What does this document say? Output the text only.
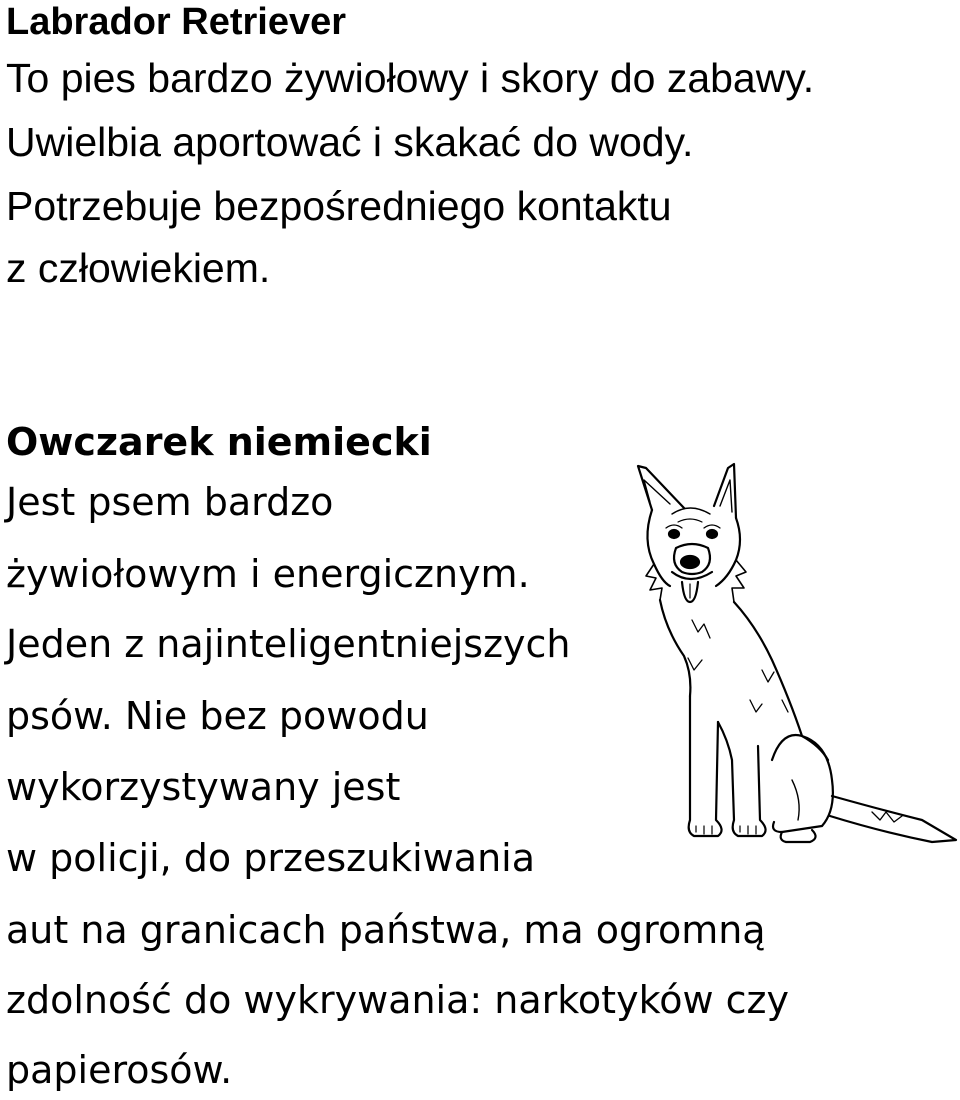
Labrador Retriever

To pies bardzo żywiołowy i skory do zabawy.

Uwielbia aportować i skakać do wody.

Potrzebuje bezpośredniego kontaktu

z człowiekiem.

Owczarek niemiecki

Jest psem bardzo

żywiołowym i energicznym.

Jeden z najinteligentniejszych

psów. Nie bez powodu

wykorzystywany jest

w policji, do przeszukiwania

aut na granicach państwa, ma ogromną

zdolność do wykrywania: narkotyków czy

papierosów.
